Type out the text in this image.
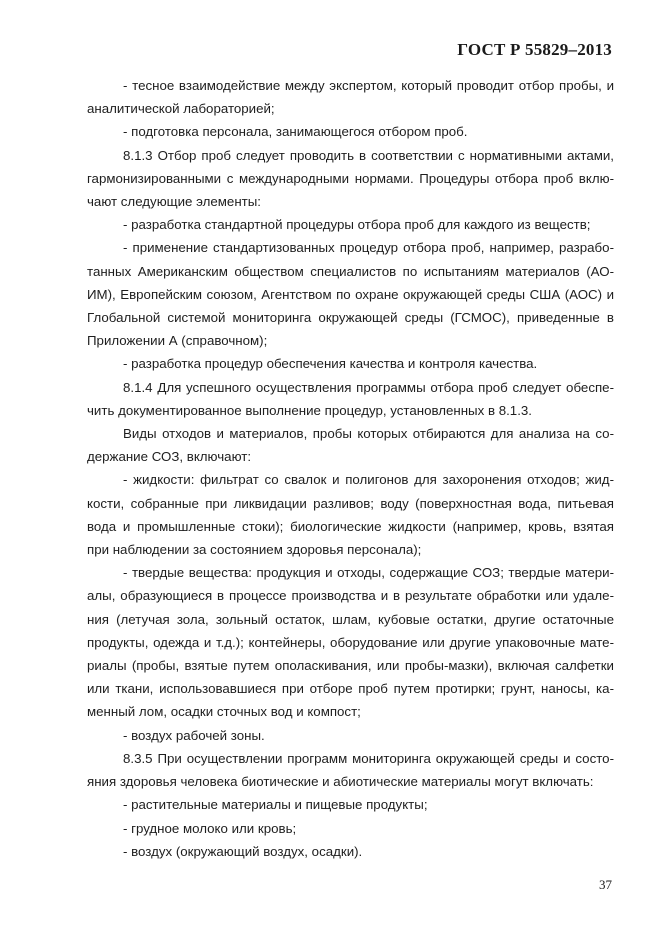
ГОСТ Р 55829–2013

- тесное взаимодействие между экспертом, который проводит отбор пробы, и аналитической лабораторией;

- подготовка персонала, занимающегося отбором проб.

8.1.3 Отбор проб следует проводить в соответствии с нормативными актами, гармонизированными с международными нормами. Процедуры отбора проб включают следующие элементы:

- разработка стандартной процедуры отбора проб для каждого из веществ;

- применение стандартизованных процедур отбора проб, например, разработанных Американским обществом специалистов по испытаниям материалов (АОИМ), Европейским союзом, Агентством по охране окружающей среды США (АОС) и Глобальной системой мониторинга окружающей среды (ГСМОС), приведенные в Приложении А (справочном);

- разработка процедур обеспечения качества и контроля качества.

8.1.4 Для успешного осуществления программы отбора проб следует обеспечить документированное выполнение процедур, установленных в 8.1.3.

Виды отходов и материалов, пробы которых отбираются для анализа на содержание СОЗ, включают:

- жидкости: фильтрат со свалок и полигонов для захоронения отходов; жидкости, собранные при ликвидации разливов; воду (поверхностная вода, питьевая вода и промышленные стоки); биологические жидкости (например, кровь, взятая при наблюдении за состоянием здоровья персонала);

- твердые вещества: продукция и отходы, содержащие СОЗ; твердые материалы, образующиеся в процессе производства и в результате обработки или удаления (летучая зола, зольный остаток, шлам, кубовые остатки, другие остаточные продукты, одежда и т.д.); контейнеры, оборудование или другие упаковочные материалы (пробы, взятые путем ополаскивания, или пробы-мазки), включая салфетки или ткани, использовавшиеся при отборе проб путем протирки; грунт, наносы, каменный лом, осадки сточных вод и компост;

- воздух рабочей зоны.

8.3.5 При осуществлении программ мониторинга окружающей среды и состояния здоровья человека биотические и абиотические материалы могут включать:

- растительные материалы и пищевые продукты;

- грудное молоко или кровь;

- воздух (окружающий воздух, осадки).

37
